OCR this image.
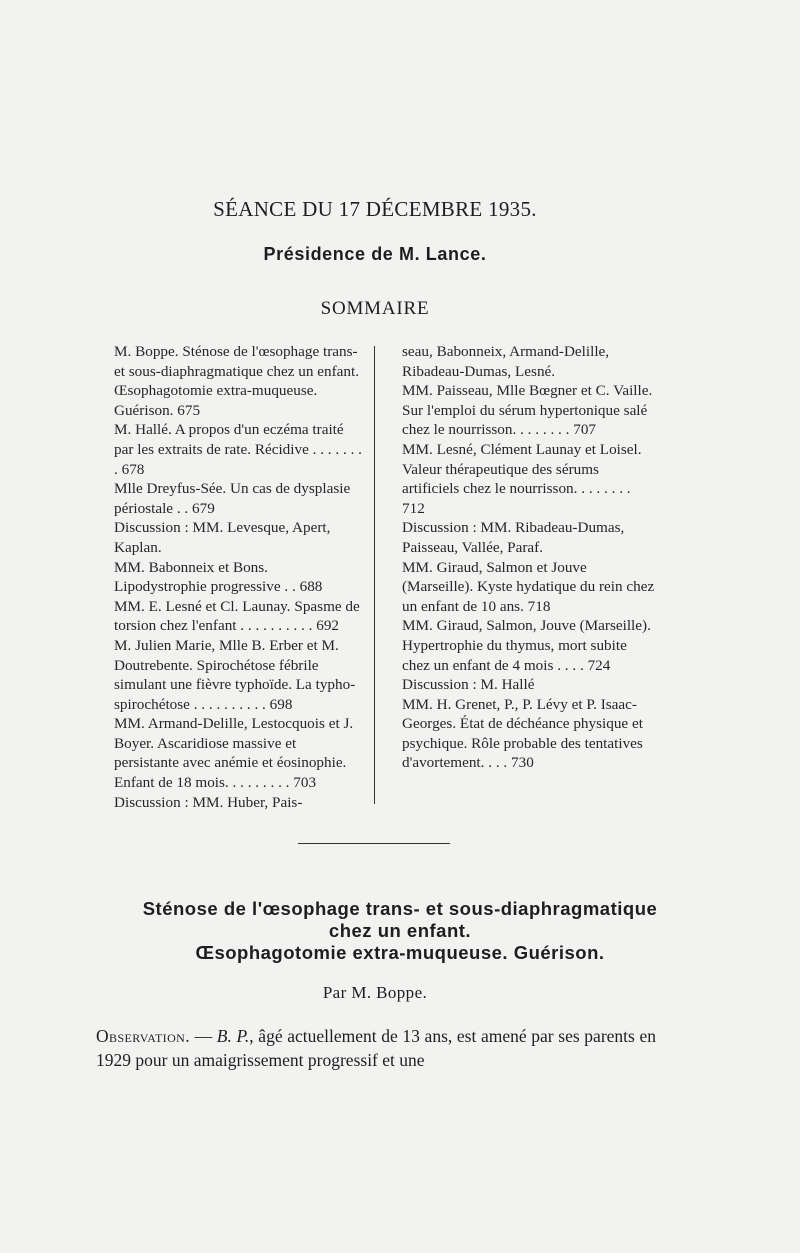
SÉANCE DU 17 DÉCEMBRE 1935.
Présidence de M. Lance.
SOMMAIRE

M. Boppe. Sténose de l'œsophage trans- et sous-diaphragmatique chez un enfant. Œsophagotomie extra-muqueuse. Guérison. 675

M. Hallé. A propos d'un eczéma traité par les extraits de rate. Récidive . . . . . . . . 678

Mlle Dreyfus-Sée. Un cas de dysplasie périostale . . 679

Discussion : MM. Levesque, Apert, Kaplan.

MM. Babonneix et Bons. Lipodystrophie progressive . . 688

MM. E. Lesné et Cl. Launay. Spasme de torsion chez l'enfant . . . . . . . . . . 692

M. Julien Marie, Mlle B. Erber et M. Doutrebente. Spirochétose fébrile simulant une fièvre typhoïde. La typho-spirochétose . . . . . . . . . . 698

MM. Armand-Delille, Lestocquois et J. Boyer. Ascaridiose massive et persistante avec anémie et éosinophie. Enfant de 18 mois. . . . . . . . . 703

Discussion : MM. Huber, Pais-

seau, Babonneix, Armand-Delille, Ribadeau-Dumas, Lesné.

MM. Paisseau, Mlle Bœgner et C. Vaille. Sur l'emploi du sérum hypertonique salé chez le nourrisson. . . . . . . . 707

MM. Lesné, Clément Launay et Loisel. Valeur thérapeutique des sérums artificiels chez le nourrisson. . . . . . . . 712

Discussion : MM. Ribadeau-Dumas, Paisseau, Vallée, Paraf.

MM. Giraud, Salmon et Jouve (Marseille). Kyste hydatique du rein chez un enfant de 10 ans. 718

MM. Giraud, Salmon, Jouve (Marseille). Hypertrophie du thymus, mort subite chez un enfant de 4 mois . . . . 724

Discussion : M. Hallé

MM. H. Grenet, P., P. Lévy et P. Isaac-Georges. État de déchéance physique et psychique. Rôle probable des tentatives d'avortement. . . . 730

Sténose de l'œsophage trans- et sous-diaphragmatique
chez un enfant.
Œsophagotomie extra-muqueuse. Guérison.
Par M. Boppe.
Observation. — B. P., âgé actuellement de 13 ans, est amené par ses parents en 1929 pour un amaigrissement progressif et une
